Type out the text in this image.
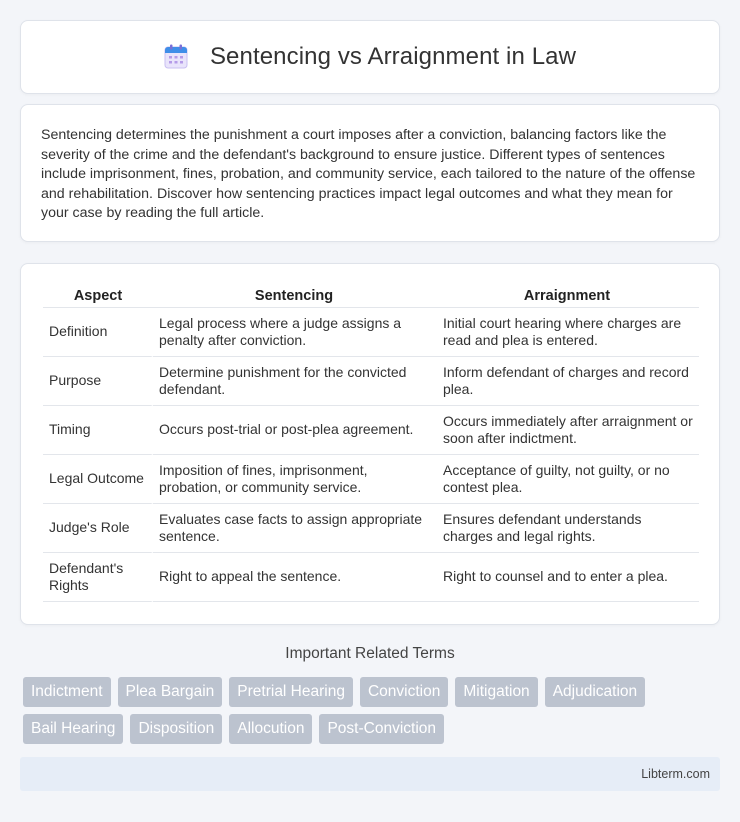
Sentencing vs Arraignment in Law

Sentencing determines the punishment a court imposes after a conviction, balancing factors like the severity of the crime and the defendant's background to ensure justice. Different types of sentences include imprisonment, fines, probation, and community service, each tailored to the nature of the offense and rehabilitation. Discover how sentencing practices impact legal outcomes and what they mean for your case by reading the full article.

Aspect	Sentencing	Arraignment
Definition	Legal process where a judge assigns a penalty after conviction.	Initial court hearing where charges are read and plea is entered.
Purpose	Determine punishment for the convicted defendant.	Inform defendant of charges and record plea.
Timing	Occurs post-trial or post-plea agreement.	Occurs immediately after arraignment or soon after indictment.
Legal Outcome	Imposition of fines, imprisonment, probation, or community service.	Acceptance of guilty, not guilty, or no contest plea.
Judge's Role	Evaluates case facts to assign appropriate sentence.	Ensures defendant understands charges and legal rights.
Defendant's Rights	Right to appeal the sentence.	Right to counsel and to enter a plea.
Important Related Terms
Indictment	Plea Bargain	Pretrial Hearing	Conviction	Mitigation	Adjudication
Bail Hearing	Disposition	Allocution	Post-Conviction
Libterm.com
